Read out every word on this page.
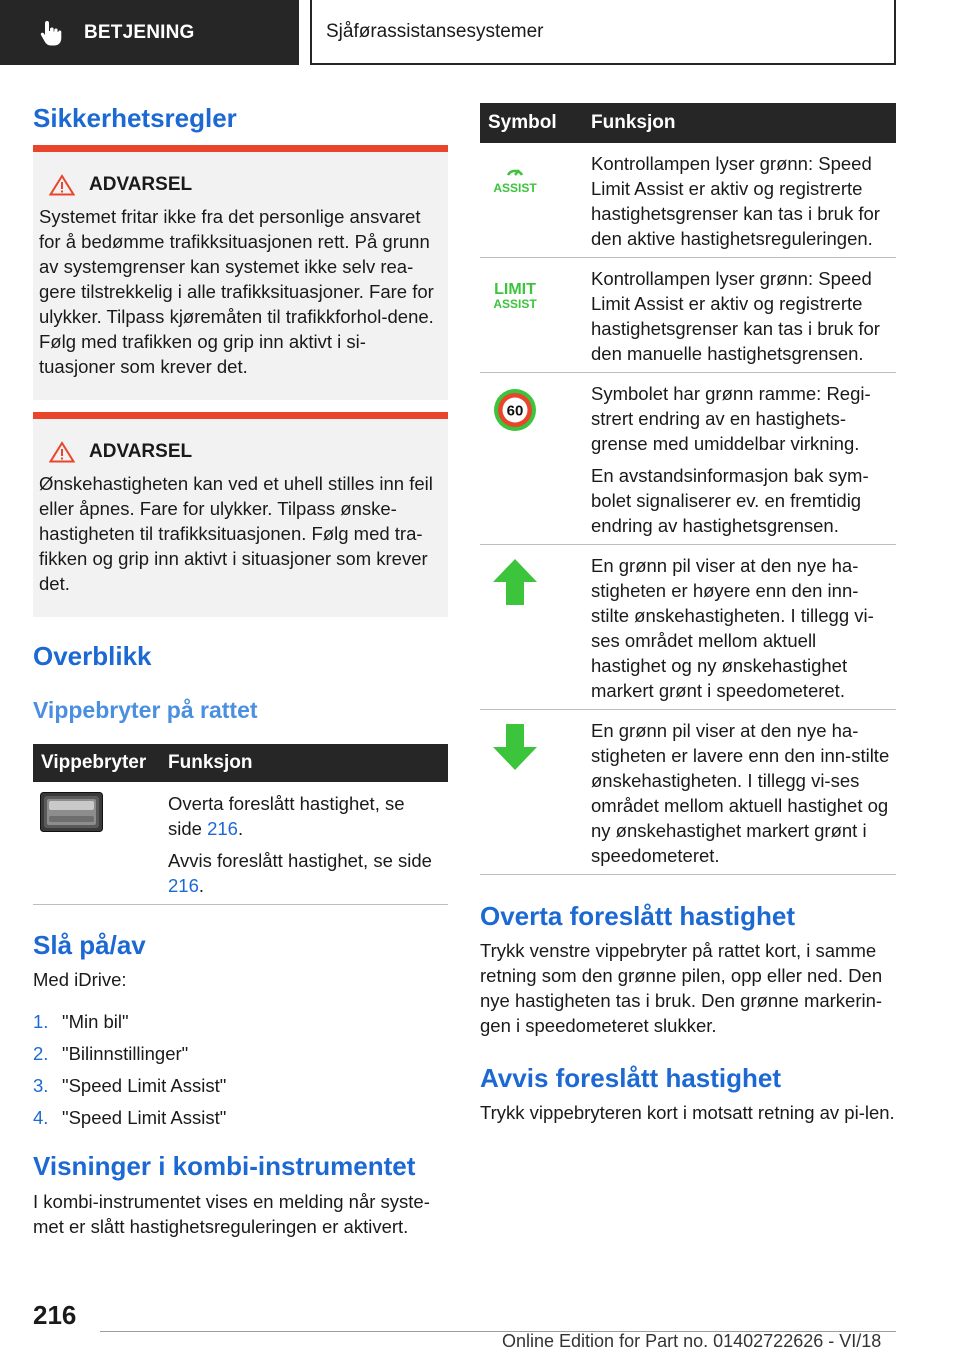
BETJENING	Sjåførassistansesystemer
Sikkerhetsregler
ADVARSEL
Systemet fritar ikke fra det personlige ansvaret for å bedømme trafikksituasjonen rett. På grunn av systemgrenser kan systemet ikke selv rea-gere tilstrekkelig i alle trafikksituasjoner. Fare for ulykker. Tilpass kjøremåten til trafikkforhol-dene. Følg med trafikken og grip inn aktivt i si-tuasjoner som krever det.
ADVARSEL
Ønskehastigheten kan ved et uhell stilles inn feil eller åpnes. Fare for ulykker. Tilpass ønske-hastigheten til trafikksituasjonen. Følg med tra-fikken og grip inn aktivt i situasjoner som krever det.
Overblikk
Vippebryter på rattet
Vippebryter Funksjon

Overta foreslått hastighet, se side 216.

Avvis foreslått hastighet, se side 216.

Slå på/av
Med iDrive:
1. "Min bil"
2. "Bilinnstillinger"
3. "Speed Limit Assist"
4. "Speed Limit Assist"
Visninger i kombi-instrumentet
I kombi-instrumentet vises en melding når syste-met er slått hastighetsreguleringen er aktivert.
Symbol Funksjon
ASSIST

Kontrollampen lyser grønn: Speed Limit Assist er aktiv og registrerte hastighetsgrenser kan tas i bruk for den aktive hastighetsreguleringen.

LIMIT
ASSIST

Kontrollampen lyser grønn: Speed Limit Assist er aktiv og registrerte hastighetsgrenser kan tas i bruk for den manuelle hastighetsgrensen.

60

Symbolet har grønn ramme: Regi-strert endring av en hastighets-grense med umiddelbar virkning.

En avstandsinformasjon bak sym-bolet signaliserer ev. en fremtidig endring av hastighetsgrensen.

En grønn pil viser at den nye ha-stigheten er høyere enn den inn-stilte ønskehastigheten. I tillegg vi-ses området mellom aktuell hastighet og ny ønskehastighet markert grønt i speedometeret.

En grønn pil viser at den nye ha-stigheten er lavere enn den inn-stilte ønskehastigheten. I tillegg vi-ses området mellom aktuell hastighet og ny ønskehastighet markert grønt i speedometeret.

Overta foreslått hastighet
Trykk venstre vippebryter på rattet kort, i samme retning som den grønne pilen, opp eller ned. Den nye hastigheten tas i bruk. Den grønne markerin-gen i speedometeret slukker.
Avvis foreslått hastighet
Trykk vippebryteren kort i motsatt retning av pi-len.
216
Online Edition for Part no. 01402722626 - VI/18
